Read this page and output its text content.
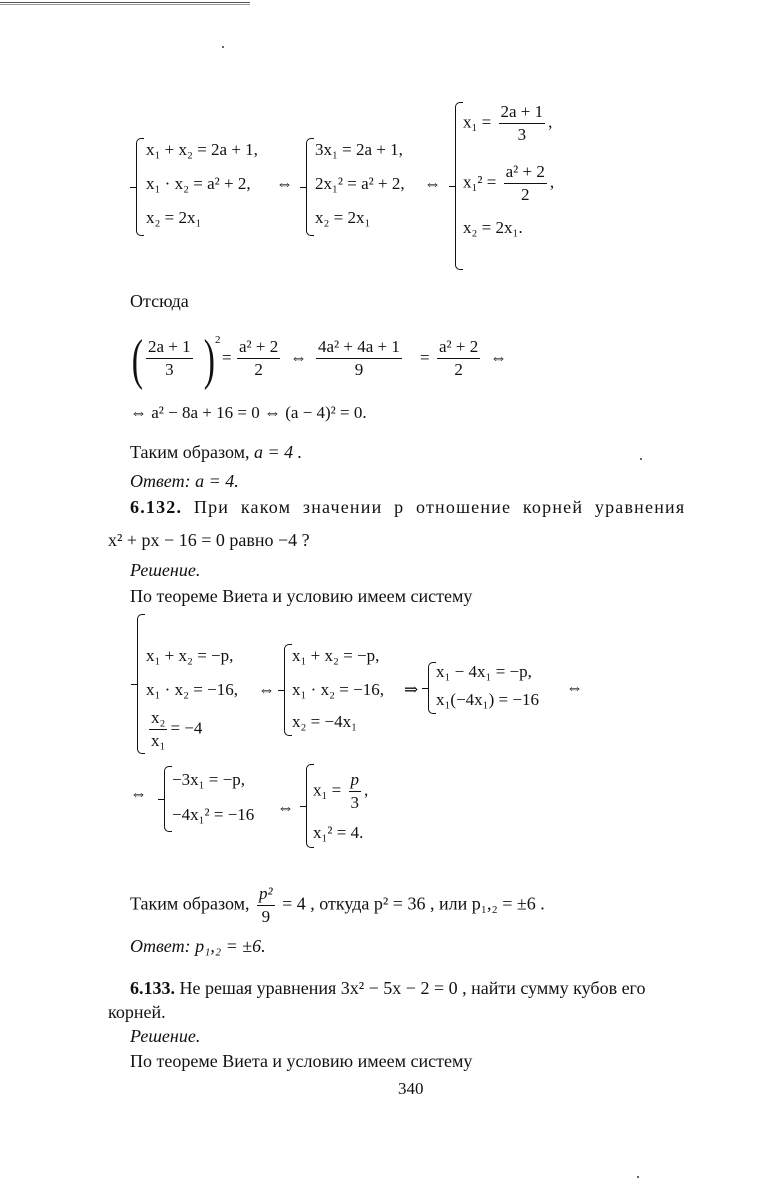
x₁ + x₂ = 2a + 1,
x₁ · x₂ = a² + 2,
x₂ = 2x₁
⇔
3x₁ = 2a + 1,
2x₁² = a² + 2,
x₂ = 2x₁
⇔
$x_1 = \frac{2a + 1}{3}$ ,
$x_1^2 = \frac{\text{a² + 2}}{2}$ ,
x₂ = 2x₁.
Отсюда
( $\frac{2a + 1}{3}$ ) 2
= $\frac{\text{a² + 2}}{2}$ ⇔ $\frac{\text{4a² + 4a + 1}}{9} = \frac{\text{a² + 2}}{2}$ ⇔
⇔ a² − 8a + 16 = 0 ⇔ (a − 4)² = 0.
Таким образом, a = 4 .
Ответ: a = 4.
6.132. При каком значении p отношение корней уравнения
x² + px − 16 = 0 равно −4 ?
Решение.
По теореме Виета и условию имеем систему
x₁ + x₂ = −p,
x₁ · x₂ = −16,
$\frac{\text{x₂}}{\text{x₁}} = -4$
⇔
x₁ + x₂ = −p,
x₁ · x₂ = −16,
x₂ = −4x₁
⇒
x₁ − 4x₁ = −p,
x₁(−4x₁) = −16
⇔
⇔
−3x₁ = −p,
−4x₁² = −16 ⇔
$x_1 = \frac{p}{3}$ ,
x₁² = 4.
Таким образом, $\frac{\text{p²}}{9} = 4$ , откуда p² = 36 , или p₁,₂ = ±6 .
Ответ: p₁,₂ = ±6.
6.133. Не решая уравнения 3x² − 5x − 2 = 0 , найти сумму кубов его
корней.
Решение.
По теореме Виета и условию имеем систему
340
